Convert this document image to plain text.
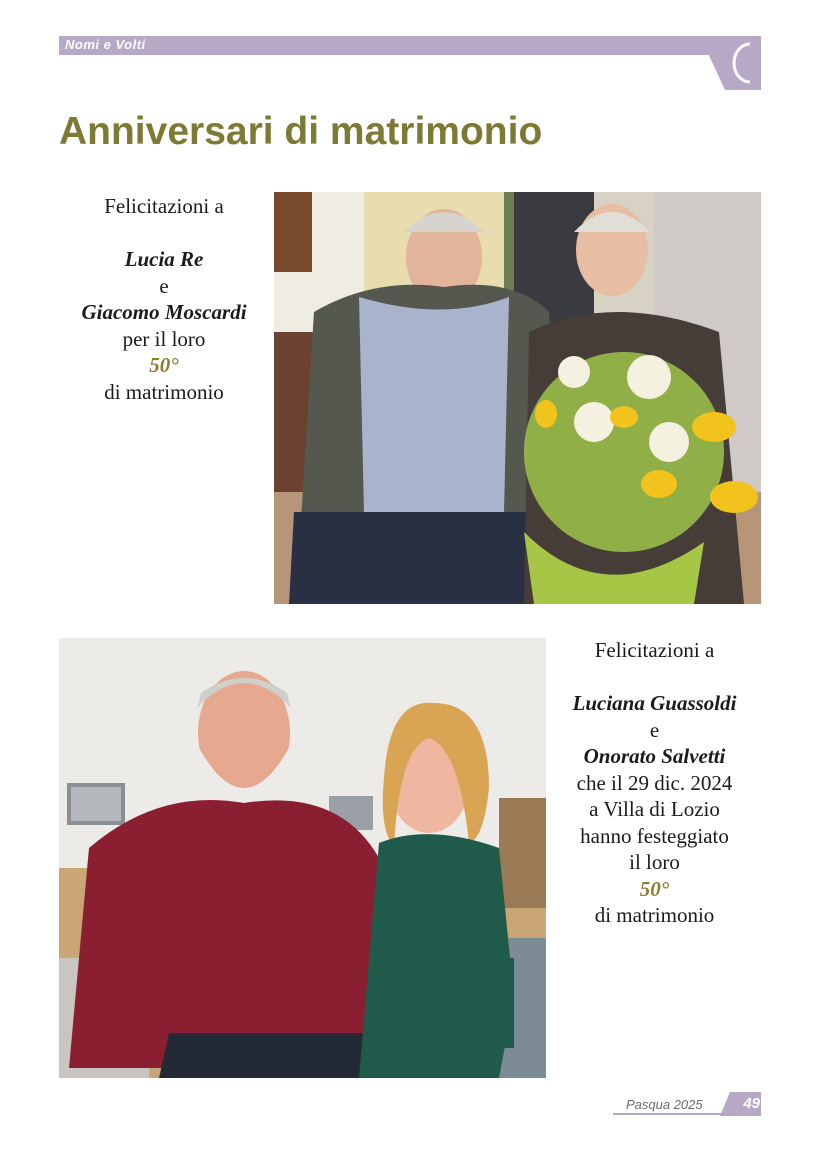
Nomi e Volti
Anniversari di matrimonio
Felicitazioni a
Lucia Re
e
Giacomo Moscardi
per il loro
50°
di matrimonio
Felicitazioni a
Luciana Guassoldi
e
Onorato Salvetti
che il 29 dic. 2024
a Villa di Lozio
hanno festeggiato
il loro
50°
di matrimonio
Pasqua 2025	49
